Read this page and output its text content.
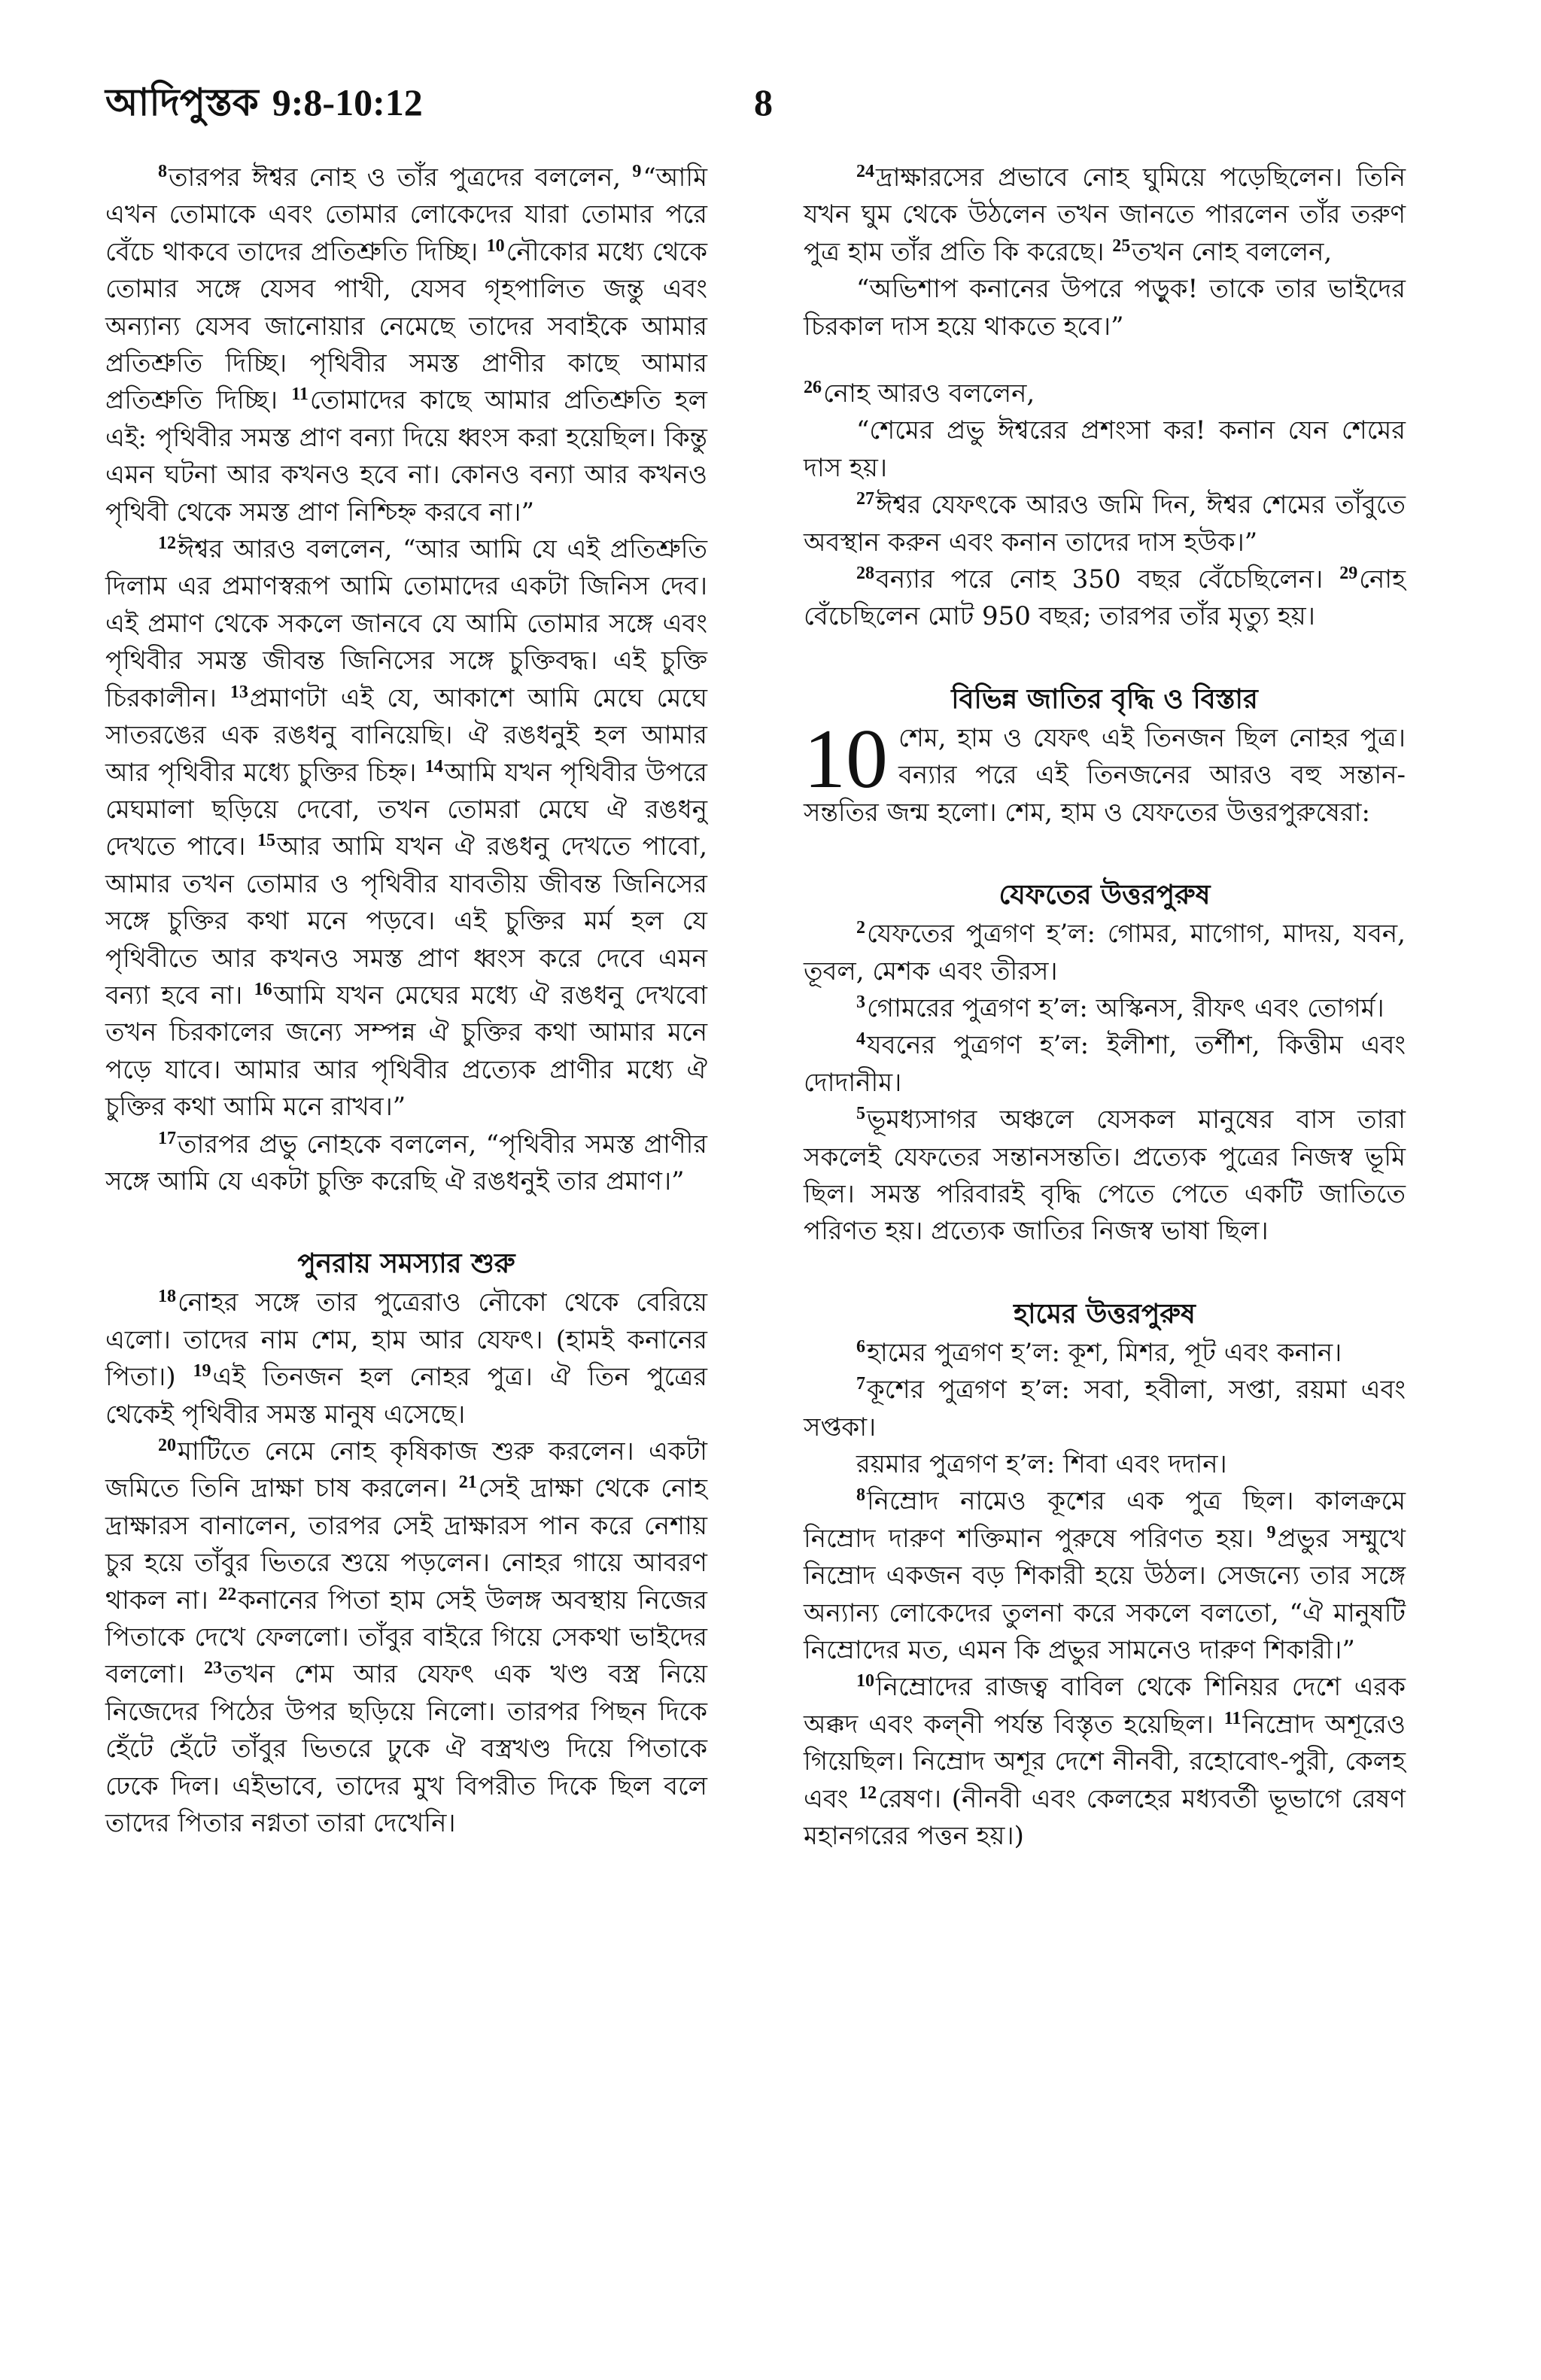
আদিপুস্তক 9:8-10:12	8

$^8$তারপর ঈশ্বর নোহ ও তাঁর পুত্রদের বললেন, $^9$“আমি এখন তোমাকে এবং তোমার লোকেদের যারা তোমার পরে বেঁচে থাকবে তাদের প্রতিশ্রুতি দিচ্ছি। $^{10}$নৌকোর মধ্যে থেকে তোমার সঙ্গে যেসব পাখী, যেসব গৃহপালিত জন্তু এবং অন্যান্য যেসব জানোয়ার নেমেছে তাদের সবাইকে আমার প্রতিশ্রুতি দিচ্ছি। পৃথিবীর সমস্ত প্রাণীর কাছে আমার প্রতিশ্রুতি দিচ্ছি। $^{11}$তোমাদের কাছে আমার প্রতিশ্রুতি হল এই: পৃথিবীর সমস্ত প্রাণ বন্যা দিয়ে ধ্বংস করা হয়েছিল। কিন্তু এমন ঘটনা আর কখনও হবে না। কোনও বন্যা আর কখনও পৃথিবী থেকে সমস্ত প্রাণ নিশ্চিহ্ন করবে না।”

$^{12}$ঈশ্বর আরও বললেন, “আর আমি যে এই প্রতিশ্রুতি দিলাম এর প্রমাণস্বরূপ আমি তোমাদের একটা জিনিস দেব। এই প্রমাণ থেকে সকলে জানবে যে আমি তোমার সঙ্গে এবং পৃথিবীর সমস্ত জীবন্ত জিনিসের সঙ্গে চুক্তিবদ্ধ। এই চুক্তি চিরকালীন। $^{13}$প্রমাণটা এই যে, আকাশে আমি মেঘে মেঘে সাতরঙের এক রঙধনু বানিয়েছি। ঐ রঙধনুই হল আমার আর পৃথিবীর মধ্যে চুক্তির চিহ্ন। $^{14}$আমি যখন পৃথিবীর উপরে মেঘমালা ছড়িয়ে দেবো, তখন তোমরা মেঘে ঐ রঙধনু দেখতে পাবে। $^{15}$আর আমি যখন ঐ রঙধনু দেখতে পাবো, আমার তখন তোমার ও পৃথিবীর যাবতীয় জীবন্ত জিনিসের সঙ্গে চুক্তির কথা মনে পড়বে। এই চুক্তির মর্ম হল যে পৃথিবীতে আর কখনও সমস্ত প্রাণ ধ্বংস করে দেবে এমন বন্যা হবে না। $^{16}$আমি যখন মেঘের মধ্যে ঐ রঙধনু দেখবো তখন চিরকালের জন্যে সম্পন্ন ঐ চুক্তির কথা আমার মনে পড়ে যাবে। আমার আর পৃথিবীর প্রত্যেক প্রাণীর মধ্যে ঐ চুক্তির কথা আমি মনে রাখব।”

$^{17}$তারপর প্রভু নোহকে বললেন, “পৃথিবীর সমস্ত প্রাণীর সঙ্গে আমি যে একটা চুক্তি করেছি ঐ রঙধনুই তার প্রমাণ।”

পুনরায় সমস্যার শুরু

$^{18}$নোহর সঙ্গে তার পুত্রেরাও নৌকো থেকে বেরিয়ে এলো। তাদের নাম শেম, হাম আর যেফৎ। (হামই কনানের পিতা।) $^{19}$এই তিনজন হল নোহর পুত্র। ঐ তিন পুত্রের থেকেই পৃথিবীর সমস্ত মানুষ এসেছে।

$^{20}$মাটিতে নেমে নোহ কৃষিকাজ শুরু করলেন। একটা জমিতে তিনি দ্রাক্ষা চাষ করলেন। $^{21}$সেই দ্রাক্ষা থেকে নোহ দ্রাক্ষারস বানালেন, তারপর সেই দ্রাক্ষারস পান করে নেশায় চুর হয়ে তাঁবুর ভিতরে শুয়ে পড়লেন। নোহর গায়ে আবরণ থাকল না। $^{22}$কনানের পিতা হাম সেই উলঙ্গ অবস্থায় নিজের পিতাকে দেখে ফেললো। তাঁবুর বাইরে গিয়ে সেকথা ভাইদের বললো। $^{23}$তখন শেম আর যেফৎ এক খণ্ড বস্ত্র নিয়ে নিজেদের পিঠের উপর ছড়িয়ে নিলো। তারপর পিছন দিকে হেঁটে হেঁটে তাঁবুর ভিতরে ঢুকে ঐ বস্ত্রখণ্ড দিয়ে পিতাকে ঢেকে দিল। এইভাবে, তাদের মুখ বিপরীত দিকে ছিল বলে তাদের পিতার নগ্নতা তারা দেখেনি।

$^{24}$দ্রাক্ষারসের প্রভাবে নোহ ঘুমিয়ে পড়েছিলেন। তিনি যখন ঘুম থেকে উঠলেন তখন জানতে পারলেন তাঁর তরুণ পুত্র হাম তাঁর প্রতি কি করেছে। $^{25}$তখন নোহ বললেন,

“অভিশাপ কনানের উপরে পড়ুক! তাকে তার ভাইদের চিরকাল দাস হয়ে থাকতে হবে।”

$^{26}$নোহ আরও বললেন,

“শেমের প্রভু ঈশ্বরের প্রশংসা কর! কনান যেন শেমের দাস হয়।

$^{27}$ঈশ্বর যেফৎকে আরও জমি দিন, ঈশ্বর শেমের তাঁবুতে অবস্থান করুন এবং কনান তাদের দাস হউক।”

$^{28}$বন্যার পরে নোহ 350 বছর বেঁচেছিলেন। $^{29}$নোহ বেঁচেছিলেন মোট 950 বছর; তারপর তাঁর মৃত্যু হয়।

বিভিন্ন জাতির বৃদ্ধি ও বিস্তার

10 শেম, হাম ও যেফৎ এই তিনজন ছিল নোহর পুত্র। বন্যার পরে এই তিনজনের আরও বহু সন্তান-সন্ততির জন্ম হলো। শেম, হাম ও যেফতের উত্তরপুরুষেরা:

যেফতের উত্তরপুরুষ

$^2$যেফতের পুত্রগণ হ’ল: গোমর, মাগোগ, মাদয়, যবন, তূবল, মেশক এবং তীরস।

$^3$গোমরের পুত্রগণ হ’ল: অস্কিনস, রীফৎ এবং তোগর্ম।

$^4$যবনের পুত্রগণ হ’ল: ইলীশা, তর্শীশ, কিত্তীম এবং দোদানীম।

$^5$ভূমধ্যসাগর অঞ্চলে যেসকল মানুষের বাস তারা সকলেই যেফতের সন্তানসন্ততি। প্রত্যেক পুত্রের নিজস্ব ভূমি ছিল। সমস্ত পরিবারই বৃদ্ধি পেতে পেতে একটি জাতিতে পরিণত হয়। প্রত্যেক জাতির নিজস্ব ভাষা ছিল।

হামের উত্তরপুরুষ

$^6$হামের পুত্রগণ হ’ল: কূশ, মিশর, পূট এবং কনান।

$^7$কূশের পুত্রগণ হ’ল: সবা, হবীলা, সপ্তা, রয়মা এবং সপ্তকা।

রয়মার পুত্রগণ হ’ল: শিবা এবং দদান।

$^8$নিম্রোদ নামেও কূশের এক পুত্র ছিল। কালক্রমে নিম্রোদ দারুণ শক্তিমান পুরুষে পরিণত হয়। $^9$প্রভুর সম্মুখে নিম্রোদ একজন বড় শিকারী হয়ে উঠল। সেজন্যে তার সঙ্গে অন্যান্য লোকেদের তুলনা করে সকলে বলতো, “ঐ মানুষটি নিম্রোদের মত, এমন কি প্রভুর সামনেও দারুণ শিকারী।”

$^{10}$নিম্রোদের রাজত্ব বাবিল থেকে শিনিয়র দেশে এরক অক্কদ এবং কল্নী পর্যন্ত বিস্তৃত হয়েছিল। $^{11}$নিম্রোদ অশূরেও গিয়েছিল। নিম্রোদ অশূর দেশে নীনবী, রহোবোৎ-পুরী, কেলহ এবং $^{12}$রেষণ। (নীনবী এবং কেলহের মধ্যবর্তী ভূভাগে রেষণ মহানগরের পত্তন হয়।)
